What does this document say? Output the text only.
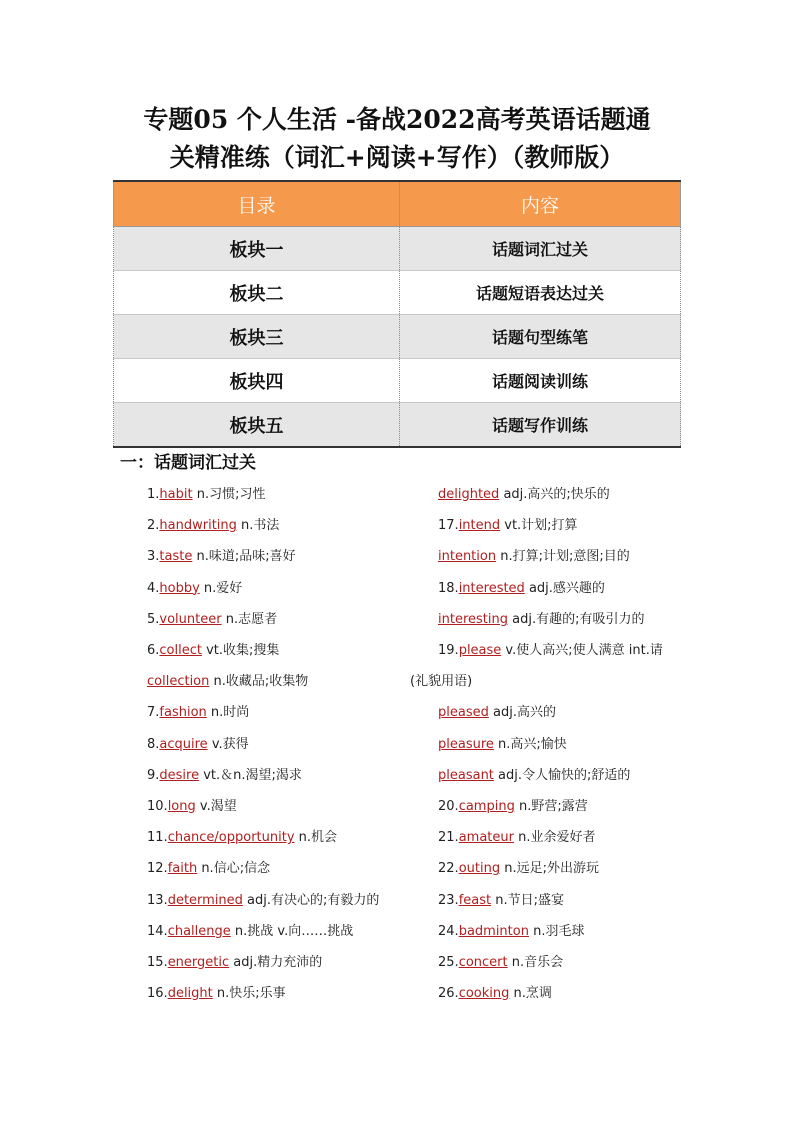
专题05 个人生活 -备战2022高考英语话题通
关精准练（词汇+阅读+写作）（教师版）
目录	内容
板块一	话题词汇过关
板块二	话题短语表达过关
板块三	话题句型练笔
板块四	话题阅读训练
板块五	话题写作训练
一：话题词汇过关
1.habit n.习惯;习性
2.handwriting n.书法
3.taste n.味道;品味;喜好
4.hobby n.爱好
5.volunteer n.志愿者
6.collect vt.收集;搜集
collection n.收藏品;收集物
7.fashion n.时尚
8.acquire v.获得
9.desire vt.＆n.渴望;渴求
10.long v.渴望
11.chance/opportunity n.机会
12.faith n.信心;信念
13.determined adj.有决心的;有毅力的
14.challenge n.挑战 v.向……挑战
15.energetic adj.精力充沛的
16.delight n.快乐;乐事
delighted adj.高兴的;快乐的
17.intend vt.计划;打算
intention n.打算;计划;意图;目的
18.interested adj.感兴趣的
interesting adj.有趣的;有吸引力的
19.please v.使人高兴;使人满意 int.请
(礼貌用语)
pleased adj.高兴的
pleasure n.高兴;愉快
pleasant adj.令人愉快的;舒适的
20.camping n.野营;露营
21.amateur n.业余爱好者
22.outing n.远足;外出游玩
23.feast n.节日;盛宴
24.badminton n.羽毛球
25.concert n.音乐会
26.cooking n.烹调
